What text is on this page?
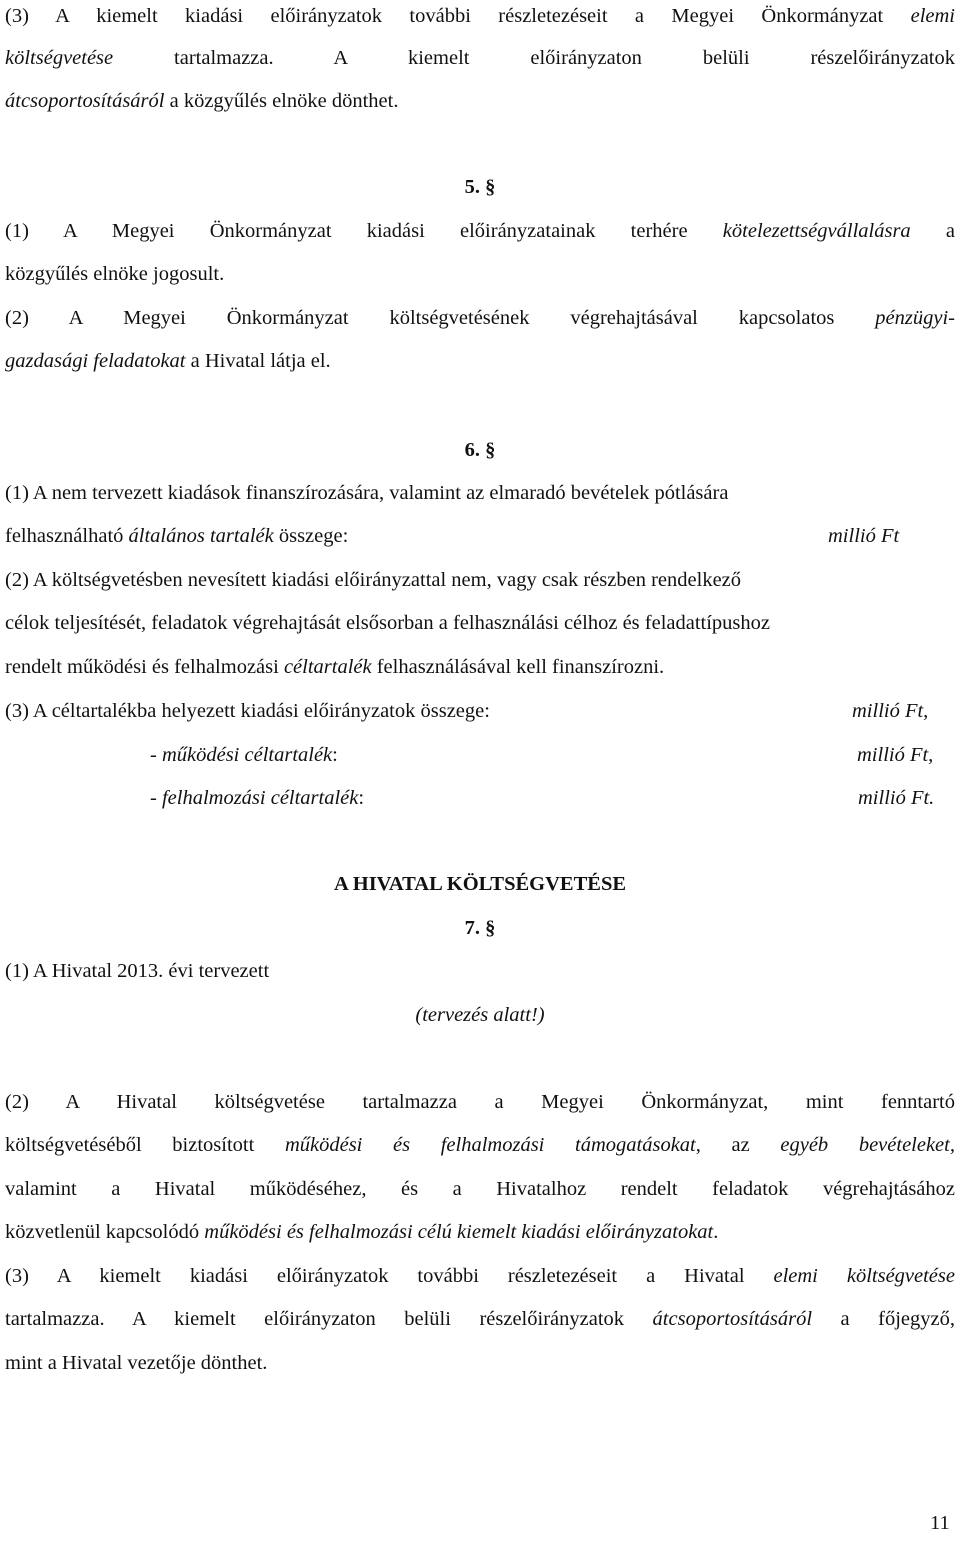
(3) A kiemelt kiadási előirányzatok további részletezéseit a Megyei Önkormányzat elemi
költségvetése tartalmazza. A kiemelt előirányzaton belüli részelőirányzatok
átcsoportosításáról a közgyűlés elnöke dönthet.
5. §
(1) A Megyei Önkormányzat kiadási előirányzatainak terhére kötelezettségvállalásra a
közgyűlés elnöke jogosult.
(2) A Megyei Önkormányzat költségvetésének végrehajtásával kapcsolatos pénzügyi-
gazdasági feladatokat a Hivatal látja el.
6. §
(1) A nem tervezett kiadások finanszírozására, valamint az elmaradó bevételek pótlására
felhasználható általános tartalék összege:	millió Ft
(2) A költségvetésben nevesített kiadási előirányzattal nem, vagy csak részben rendelkező
célok teljesítését, feladatok végrehajtását elsősorban a felhasználási célhoz és feladattípushoz
rendelt működési és felhalmozási céltartalék felhasználásával kell finanszírozni.
(3) A céltartalékba helyezett kiadási előirányzatok összege:	millió Ft,
- működési céltartalék:	millió Ft,
- felhalmozási céltartalék:	millió Ft.
A HIVATAL KÖLTSÉGVETÉSE
7. §
(1) A Hivatal 2013. évi tervezett
(tervezés alatt!)
(2) A Hivatal költségvetése tartalmazza a Megyei Önkormányzat, mint fenntartó
költségvetéséből biztosított működési és felhalmozási támogatásokat, az egyéb bevételeket,
valamint a Hivatal működéséhez, és a Hivatalhoz rendelt feladatok végrehajtásához
közvetlenül kapcsolódó működési és felhalmozási célú kiemelt kiadási előirányzatokat.
(3) A kiemelt kiadási előirányzatok további részletezéseit a Hivatal elemi költségvetése
tartalmazza. A kiemelt előirányzaton belüli részelőirányzatok átcsoportosításáról a főjegyző,
mint a Hivatal vezetője dönthet.
11
